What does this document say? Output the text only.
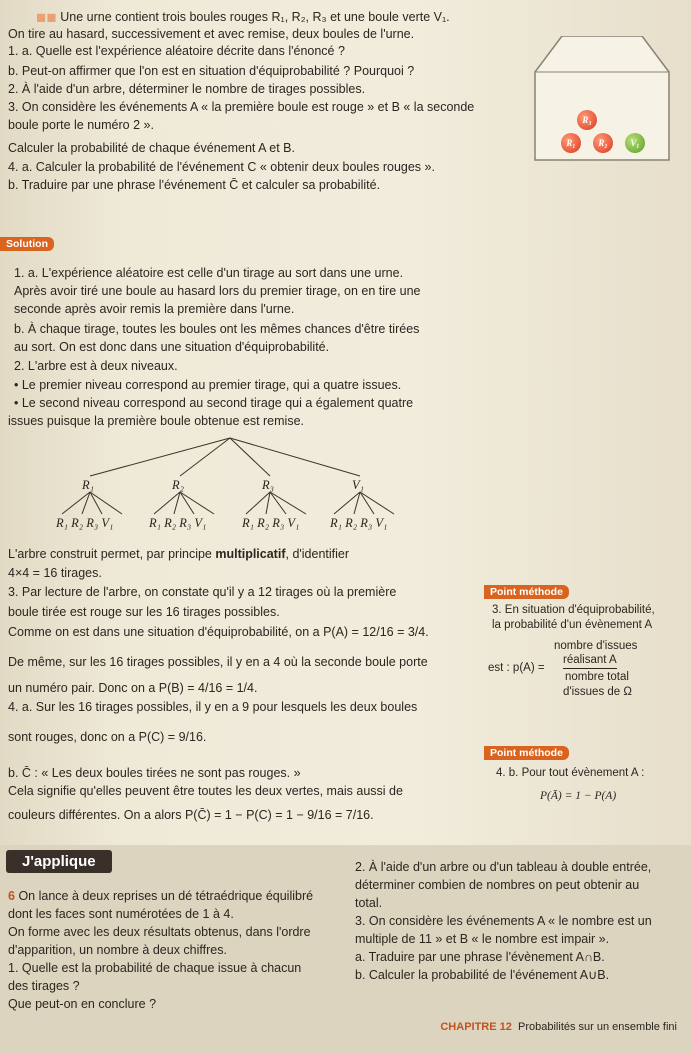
◼◼ Une urne contient trois boules rouges R₁, R₂, R₃ et une boule verte V₁.
On tire au hasard, successivement et avec remise, deux boules de l'urne.
1. a. Quelle est l'expérience aléatoire décrite dans l'énoncé ?
b. Peut-on affirmer que l'on est en situation d'équiprobabilité ? Pourquoi ?
2. À l'aide d'un arbre, déterminer le nombre de tirages possibles.
3. On considère les événements A « la première boule est rouge » et B « la seconde
boule porte le numéro 2 ».
Calculer la probabilité de chaque événement A et B.
4. a. Calculer la probabilité de l'événement C « obtenir deux boules rouges ».
b. Traduire par une phrase l'événement C̄ et calculer sa probabilité.
R₃
R₁	R₂	V₁
Solution
1. a. L'expérience aléatoire est celle d'un tirage au sort dans une urne.
Après avoir tiré une boule au hasard lors du premier tirage, on en tire une
seconde après avoir remis la première dans l'urne.
b. À chaque tirage, toutes les boules ont les mêmes chances d'être tirées
au sort. On est donc dans une situation d'équiprobabilité.
2. L'arbre est à deux niveaux.
• Le premier niveau correspond au premier tirage, qui a quatre issues.
• Le second niveau correspond au second tirage qui a également quatre
issues puisque la première boule obtenue est remise.
R₁	R₂	R₃	V₁
R₁ R₂ R₃ V₁	R₁ R₂ R₃ V₁	R₁ R₂ R₃ V₁ R₁ R₂ R₃ V₁
L'arbre construit permet, par principe multiplicatif, d'identifier
4×4 = 16 tirages.
3. Par lecture de l'arbre, on constate qu'il y a 12 tirages où la première
boule tirée est rouge sur les 16 tirages possibles.
Comme on est dans une situation d'équiprobabilité, on a P(A) = 12/16 = 3/4.
De même, sur les 16 tirages possibles, il y en a 4 où la seconde boule porte
un numéro pair. Donc on a P(B) = 4/16 = 1/4.
4. a. Sur les 16 tirages possibles, il y en a 9 pour lesquels les deux boules
sont rouges, donc on a P(C) = 9/16.
b. C̄ : « Les deux boules tirées ne sont pas rouges. »
Cela signifie qu'elles peuvent être toutes les deux vertes, mais aussi de
couleurs différentes. On a alors P(C̄) = 1 − P(C) = 1 − 9/16 = 7/16.
Point méthode
3. En situation d'équiprobabilité,
la probabilité d'un évènement A
nombre d'issues
est : p(A) =
réalisant A
nombre total
d'issues de Ω
Point méthode
4. b. Pour tout évènement A :
P(Ā) = 1 − P(A)
J'applique
6 On lance à deux reprises un dé tétraédrique équilibré
dont les faces sont numérotées de 1 à 4.
On forme avec les deux résultats obtenus, dans l'ordre
d'apparition, un nombre à deux chiffres.
1. Quelle est la probabilité de chaque issue à chacun
des tirages ?
Que peut-on en conclure ?
2. À l'aide d'un arbre ou d'un tableau à double entrée,
déterminer combien de nombres on peut obtenir au
total.
3. On considère les événements A « le nombre est un
multiple de 11 » et B « le nombre est impair ».
a. Traduire par une phrase l'évènement A∩B.
b. Calculer la probabilité de l'événement A∪B.
CHAPITRE 12 Probabilités sur un ensemble fini
